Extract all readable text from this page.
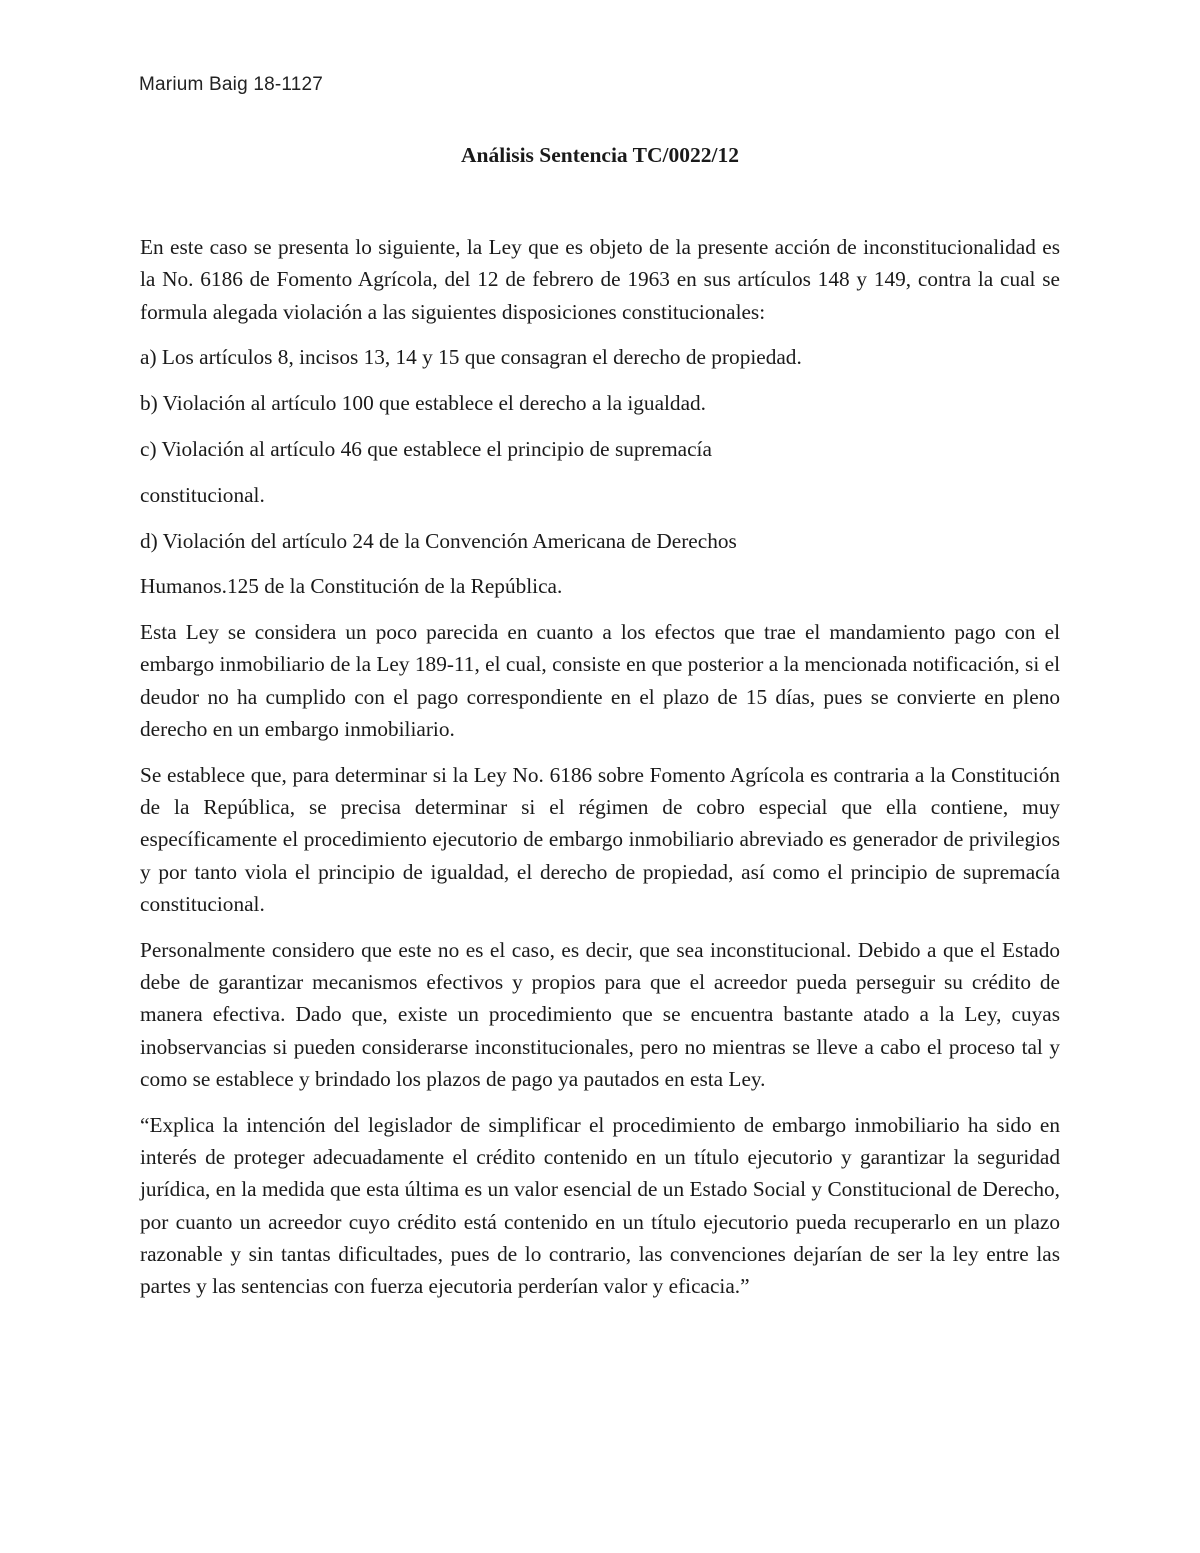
Marium Baig 18-1127
Análisis Sentencia TC/0022/12

En este caso se presenta lo siguiente, la Ley que es objeto de la presente acción de inconstitucionalidad es la No. 6186 de Fomento Agrícola, del 12 de febrero de 1963 en sus artículos 148 y 149, contra la cual se formula alegada violación a las siguientes disposiciones constitucionales:

a) Los artículos 8, incisos 13, 14 y 15 que consagran el derecho de propiedad.

b) Violación al artículo 100 que establece el derecho a la igualdad.

c) Violación al artículo 46 que establece el principio de supremacía

constitucional.

d) Violación del artículo 24 de la Convención Americana de Derechos

Humanos.125 de la Constitución de la República.

Esta Ley se considera un poco parecida en cuanto a los efectos que trae el mandamiento pago con el embargo inmobiliario de la Ley 189-11, el cual, consiste en que posterior a la mencionada notificación, si el deudor no ha cumplido con el pago correspondiente en el plazo de 15 días, pues se convierte en pleno derecho en un embargo inmobiliario.

Se establece que, para determinar si la Ley No. 6186 sobre Fomento Agrícola es contraria a la Constitución de la República, se precisa determinar si el régimen de cobro especial que ella contiene, muy específicamente el procedimiento ejecutorio de embargo inmobiliario abreviado es generador de privilegios y por tanto viola el principio de igualdad, el derecho de propiedad, así como el principio de supremacía constitucional.

Personalmente considero que este no es el caso, es decir, que sea inconstitucional. Debido a que el Estado debe de garantizar mecanismos efectivos y propios para que el acreedor pueda perseguir su crédito de manera efectiva. Dado que, existe un procedimiento que se encuentra bastante atado a la Ley, cuyas inobservancias si pueden considerarse inconstitucionales, pero no mientras se lleve a cabo el proceso tal y como se establece y brindado los plazos de pago ya pautados en esta Ley.

“Explica la intención del legislador de simplificar el procedimiento de embargo inmobiliario ha sido en interés de proteger adecuadamente el crédito contenido en un título ejecutorio y garantizar la seguridad jurídica, en la medida que esta última es un valor esencial de un Estado Social y Constitucional de Derecho, por cuanto un acreedor cuyo crédito está contenido en un título ejecutorio pueda recuperarlo en un plazo razonable y sin tantas dificultades, pues de lo contrario, las convenciones dejarían de ser la ley entre las partes y las sentencias con fuerza ejecutoria perderían valor y eficacia.”
